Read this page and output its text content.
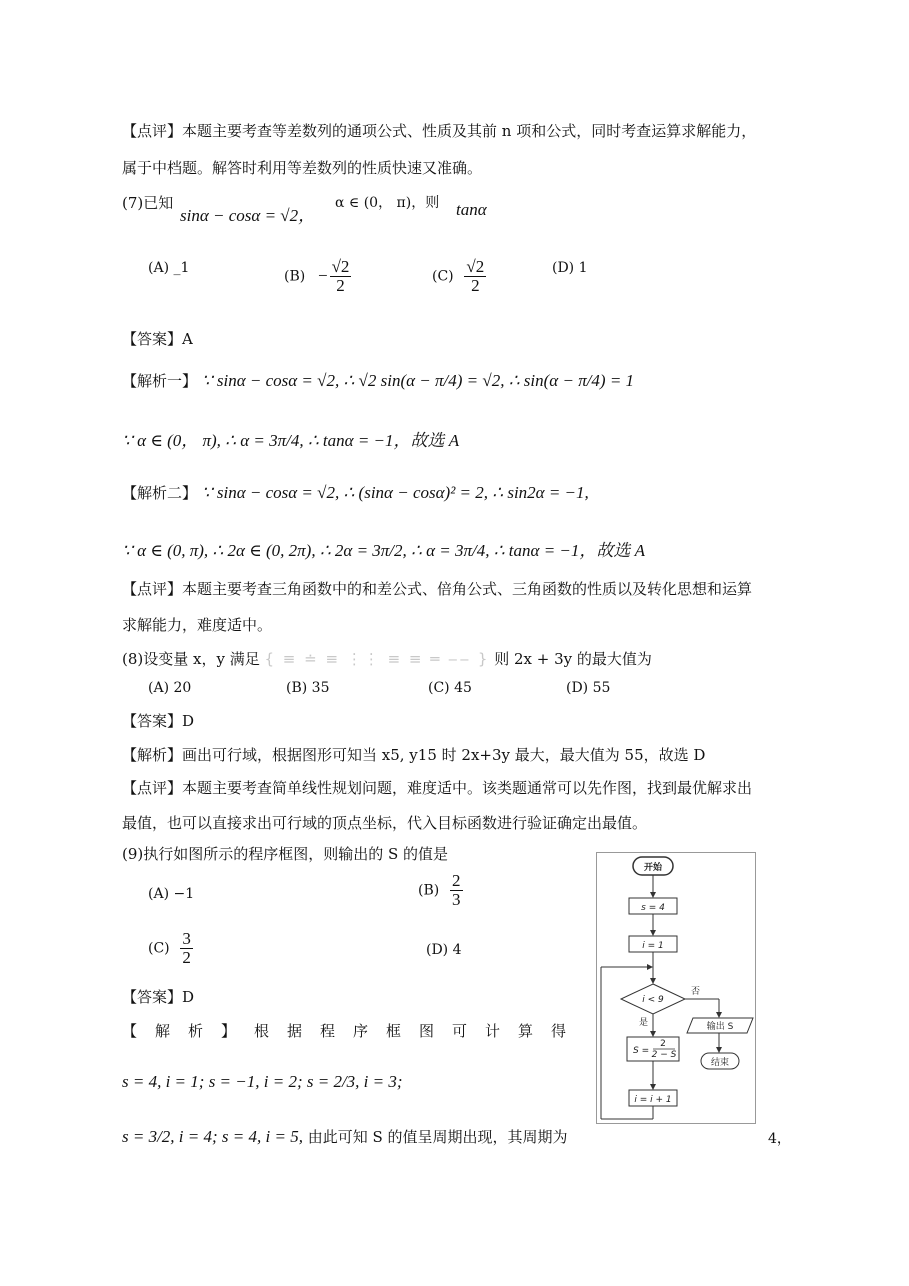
【点评】本题主要考查等差数列的通项公式、性质及其前 n 项和公式，同时考查运算求解能力，
属于中档题。解答时利用等差数列的性质快速又准确。
(7)已知
sinα − cosα = √2，
α ∈ (0， π)，则 tanα
(A) _1
$(B) - \frac{√2}{2}$	$(C) \frac{√2}{2}$	(D) 1
【答案】A
【解析一】 ∵ sinα − cosα = √2, ∴ √2 sin(α − π/4) = √2, ∴ sin(α − π/4) = 1
∵ α ∈ (0， π), ∴ α = 3π/4, ∴ tanα = −1，故选 A
【解析二】 ∵ sinα − cosα = √2, ∴ (sinα − cosα)² = 2, ∴ sin2α = −1,
∵ α ∈ (0, π), ∴ 2α ∈ (0, 2π), ∴ 2α = 3π/2, ∴ α = 3π/4, ∴ tanα = −1，故选 A
【点评】本题主要考查三角函数中的和差公式、倍角公式、三角函数的性质以及转化思想和运算
求解能力，难度适中。
(8)设变量 x，y 满足 { ≡ ≐ ≡ ⋮⋮ ≡ ≡ ═ ‒‒ } 则 2x + 3y 的最大值为
(A) 20	(B) 35	(C) 45	(D) 55
【答案】D
【解析】画出可行域，根据图形可知当 x5, y15 时 2x+3y 最大，最大值为 55，故选 D
【点评】本题主要考查简单线性规划问题，难度适中。该类题通常可以先作图，找到最优解求出
最值，也可以直接求出可行域的顶点坐标，代入目标函数进行验证确定出最值。
(9)执行如图所示的程序框图，则输出的 S 的值是
(A) −1	$(B) \frac{2}{3}$
$(C) \frac{3}{2}$	(D) 4
【答案】D
【解析】根据程序框图可计算得
s = 4, i = 1; s = −1, i = 2; s = 2/3, i = 3;
s = 3/2, i = 4; s = 4, i = 5, 由此可知 S 的值呈周期出现，其周期为	4，
开始
s = 4
i = 1
i < 9
否
是	输出 S
结束
S =
2
2 − S
i = i + 1
